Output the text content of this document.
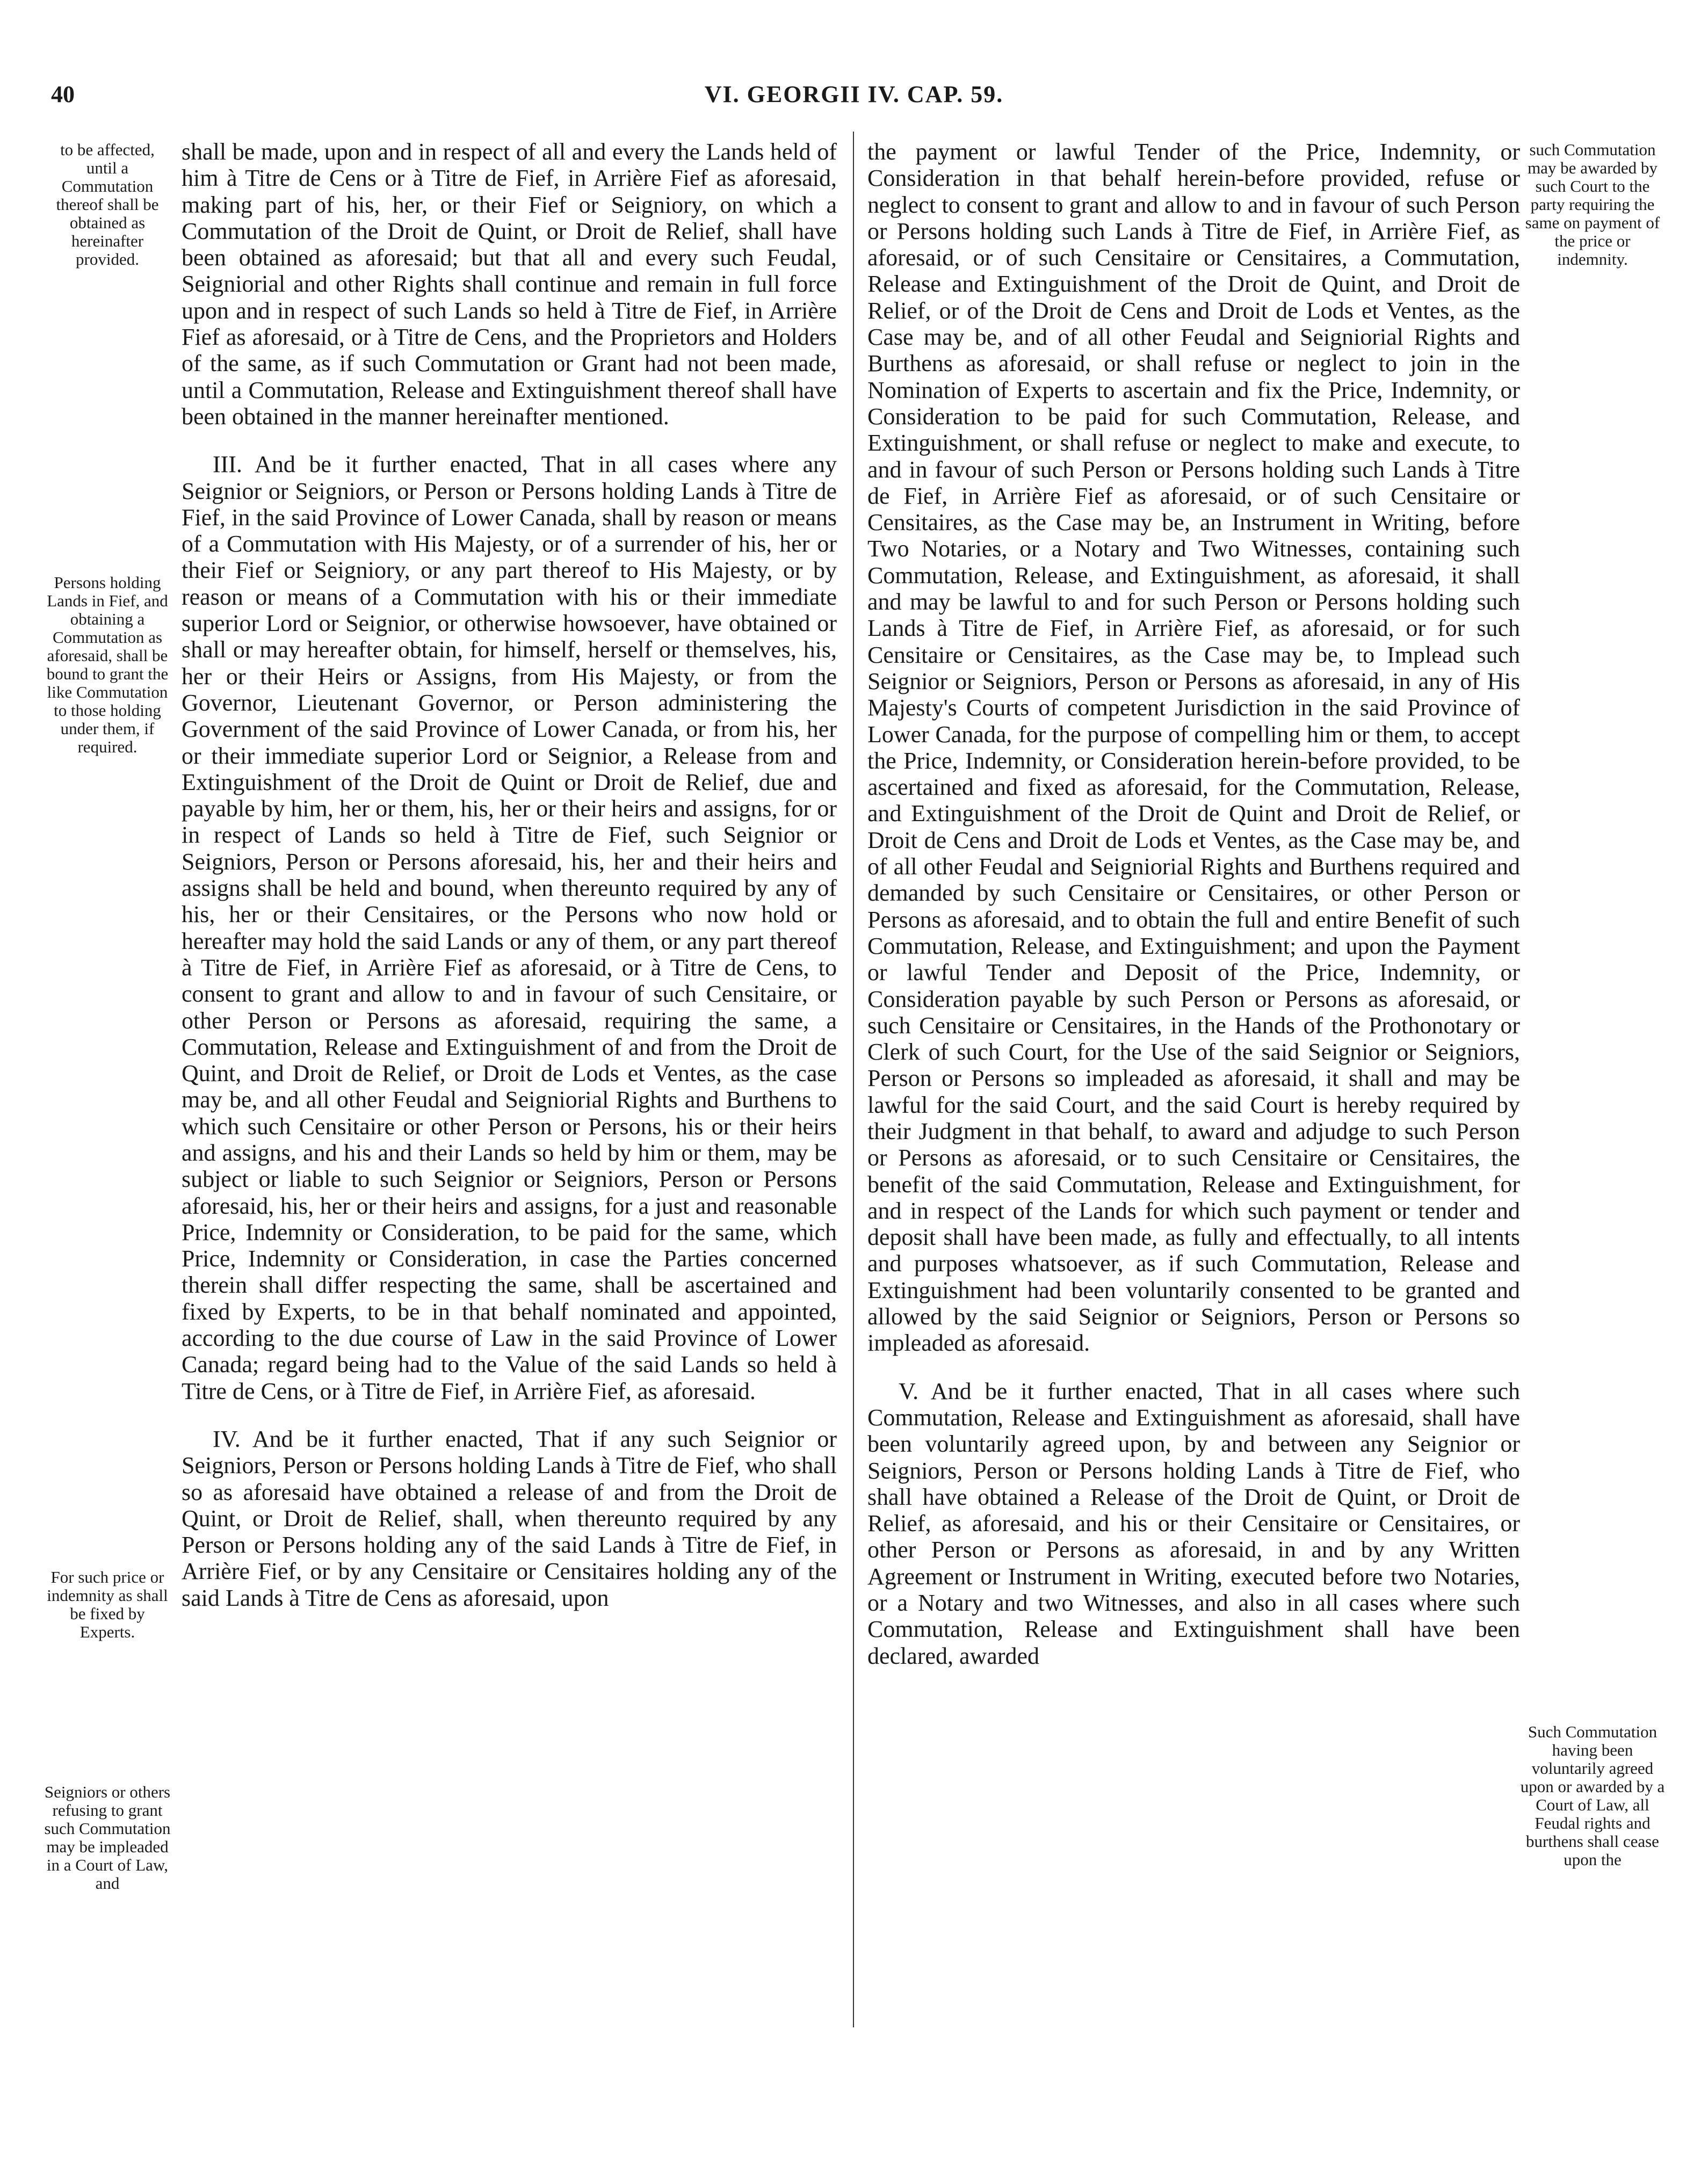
40	VI. GEORGII IV. CAP. 59.
to be affected, until a Commutation thereof shall be obtained as hereinafter provided.
Persons holding Lands in Fief, and obtaining a Commutation as aforesaid, shall be bound to grant the like Commutation to those holding under them, if required.
For such price or indemnity as shall be fixed by Experts.
Seigniors or others refusing to grant such Commutation may be impleaded in a Court of Law, and
such Commutation may be awarded by such Court to the party requiring the same on payment of the price or indemnity.
Such Commutation having been voluntarily agreed upon or awarded by a Court of Law, all Feudal rights and burthens shall cease upon the

shall be made, upon and in respect of all and every the Lands held of him à Titre de Cens or à Titre de Fief, in Arrière Fief as aforesaid, making part of his, her, or their Fief or Seigniory, on which a Commutation of the Droit de Quint, or Droit de Relief, shall have been obtained as aforesaid; but that all and every such Feudal, Seigniorial and other Rights shall continue and remain in full force upon and in respect of such Lands so held à Titre de Fief, in Arrière Fief as aforesaid, or à Titre de Cens, and the Proprietors and Holders of the same, as if such Commutation or Grant had not been made, until a Commutation, Release and Extinguishment thereof shall have been obtained in the manner hereinafter mentioned.

III. And be it further enacted, That in all cases where any Seignior or Seigniors, or Person or Persons holding Lands à Titre de Fief, in the said Province of Lower Canada, shall by reason or means of a Commutation with His Majesty, or of a surrender of his, her or their Fief or Seigniory, or any part thereof to His Majesty, or by reason or means of a Commutation with his or their immediate superior Lord or Seignior, or otherwise howsoever, have obtained or shall or may hereafter obtain, for himself, herself or themselves, his, her or their Heirs or Assigns, from His Majesty, or from the Governor, Lieutenant Governor, or Person administering the Government of the said Province of Lower Canada, or from his, her or their immediate superior Lord or Seignior, a Release from and Extinguishment of the Droit de Quint or Droit de Relief, due and payable by him, her or them, his, her or their heirs and assigns, for or in respect of Lands so held à Titre de Fief, such Seignior or Seigniors, Person or Persons aforesaid, his, her and their heirs and assigns shall be held and bound, when thereunto required by any of his, her or their Censitaires, or the Persons who now hold or hereafter may hold the said Lands or any of them, or any part thereof à Titre de Fief, in Arrière Fief as aforesaid, or à Titre de Cens, to consent to grant and allow to and in favour of such Censitaire, or other Person or Persons as aforesaid, requiring the same, a Commutation, Release and Extinguishment of and from the Droit de Quint, and Droit de Relief, or Droit de Lods et Ventes, as the case may be, and all other Feudal and Seigniorial Rights and Burthens to which such Censitaire or other Person or Persons, his or their heirs and assigns, and his and their Lands so held by him or them, may be subject or liable to such Seignior or Seigniors, Person or Persons aforesaid, his, her or their heirs and assigns, for a just and reasonable Price, Indemnity or Consideration, to be paid for the same, which Price, Indemnity or Consideration, in case the Parties concerned therein shall differ respecting the same, shall be ascertained and fixed by Experts, to be in that behalf nominated and appointed, according to the due course of Law in the said Province of Lower Canada; regard being had to the Value of the said Lands so held à Titre de Cens, or à Titre de Fief, in Arrière Fief, as aforesaid.

IV. And be it further enacted, That if any such Seignior or Seigniors, Person or Persons holding Lands à Titre de Fief, who shall so as aforesaid have obtained a release of and from the Droit de Quint, or Droit de Relief, shall, when thereunto required by any Person or Persons holding any of the said Lands à Titre de Fief, in Arrière Fief, or by any Censitaire or Censitaires holding any of the said Lands à Titre de Cens as aforesaid, upon

the payment or lawful Tender of the Price, Indemnity, or Consideration in that behalf herein-before provided, refuse or neglect to consent to grant and allow to and in favour of such Person or Persons holding such Lands à Titre de Fief, in Arrière Fief, as aforesaid, or of such Censitaire or Censitaires, a Commutation, Release and Extinguishment of the Droit de Quint, and Droit de Relief, or of the Droit de Cens and Droit de Lods et Ventes, as the Case may be, and of all other Feudal and Seigniorial Rights and Burthens as aforesaid, or shall refuse or neglect to join in the Nomination of Experts to ascertain and fix the Price, Indemnity, or Consideration to be paid for such Commutation, Release, and Extinguishment, or shall refuse or neglect to make and execute, to and in favour of such Person or Persons holding such Lands à Titre de Fief, in Arrière Fief as aforesaid, or of such Censitaire or Censitaires, as the Case may be, an Instrument in Writing, before Two Notaries, or a Notary and Two Witnesses, containing such Commutation, Release, and Extinguishment, as aforesaid, it shall and may be lawful to and for such Person or Persons holding such Lands à Titre de Fief, in Arrière Fief, as aforesaid, or for such Censitaire or Censitaires, as the Case may be, to Implead such Seignior or Seigniors, Person or Persons as aforesaid, in any of His Majesty's Courts of competent Jurisdiction in the said Province of Lower Canada, for the purpose of compelling him or them, to accept the Price, Indemnity, or Consideration herein-before provided, to be ascertained and fixed as aforesaid, for the Commutation, Release, and Extinguishment of the Droit de Quint and Droit de Relief, or Droit de Cens and Droit de Lods et Ventes, as the Case may be, and of all other Feudal and Seigniorial Rights and Burthens required and demanded by such Censitaire or Censitaires, or other Person or Persons as aforesaid, and to obtain the full and entire Benefit of such Commutation, Release, and Extinguishment; and upon the Payment or lawful Tender and Deposit of the Price, Indemnity, or Consideration payable by such Person or Persons as aforesaid, or such Censitaire or Censitaires, in the Hands of the Prothonotary or Clerk of such Court, for the Use of the said Seignior or Seigniors, Person or Persons so impleaded as aforesaid, it shall and may be lawful for the said Court, and the said Court is hereby required by their Judgment in that behalf, to award and adjudge to such Person or Persons as aforesaid, or to such Censitaire or Censitaires, the benefit of the said Commutation, Release and Extinguishment, for and in respect of the Lands for which such payment or tender and deposit shall have been made, as fully and effectually, to all intents and purposes whatsoever, as if such Commutation, Release and Extinguishment had been voluntarily consented to be granted and allowed by the said Seignior or Seigniors, Person or Persons so impleaded as aforesaid.

V. And be it further enacted, That in all cases where such Commutation, Release and Extinguishment as aforesaid, shall have been voluntarily agreed upon, by and between any Seignior or Seigniors, Person or Persons holding Lands à Titre de Fief, who shall have obtained a Release of the Droit de Quint, or Droit de Relief, as aforesaid, and his or their Censitaire or Censitaires, or other Person or Persons as aforesaid, in and by any Written Agreement or Instrument in Writing, executed before two Notaries, or a Notary and two Witnesses, and also in all cases where such Commutation, Release and Extinguishment shall have been declared, awarded
